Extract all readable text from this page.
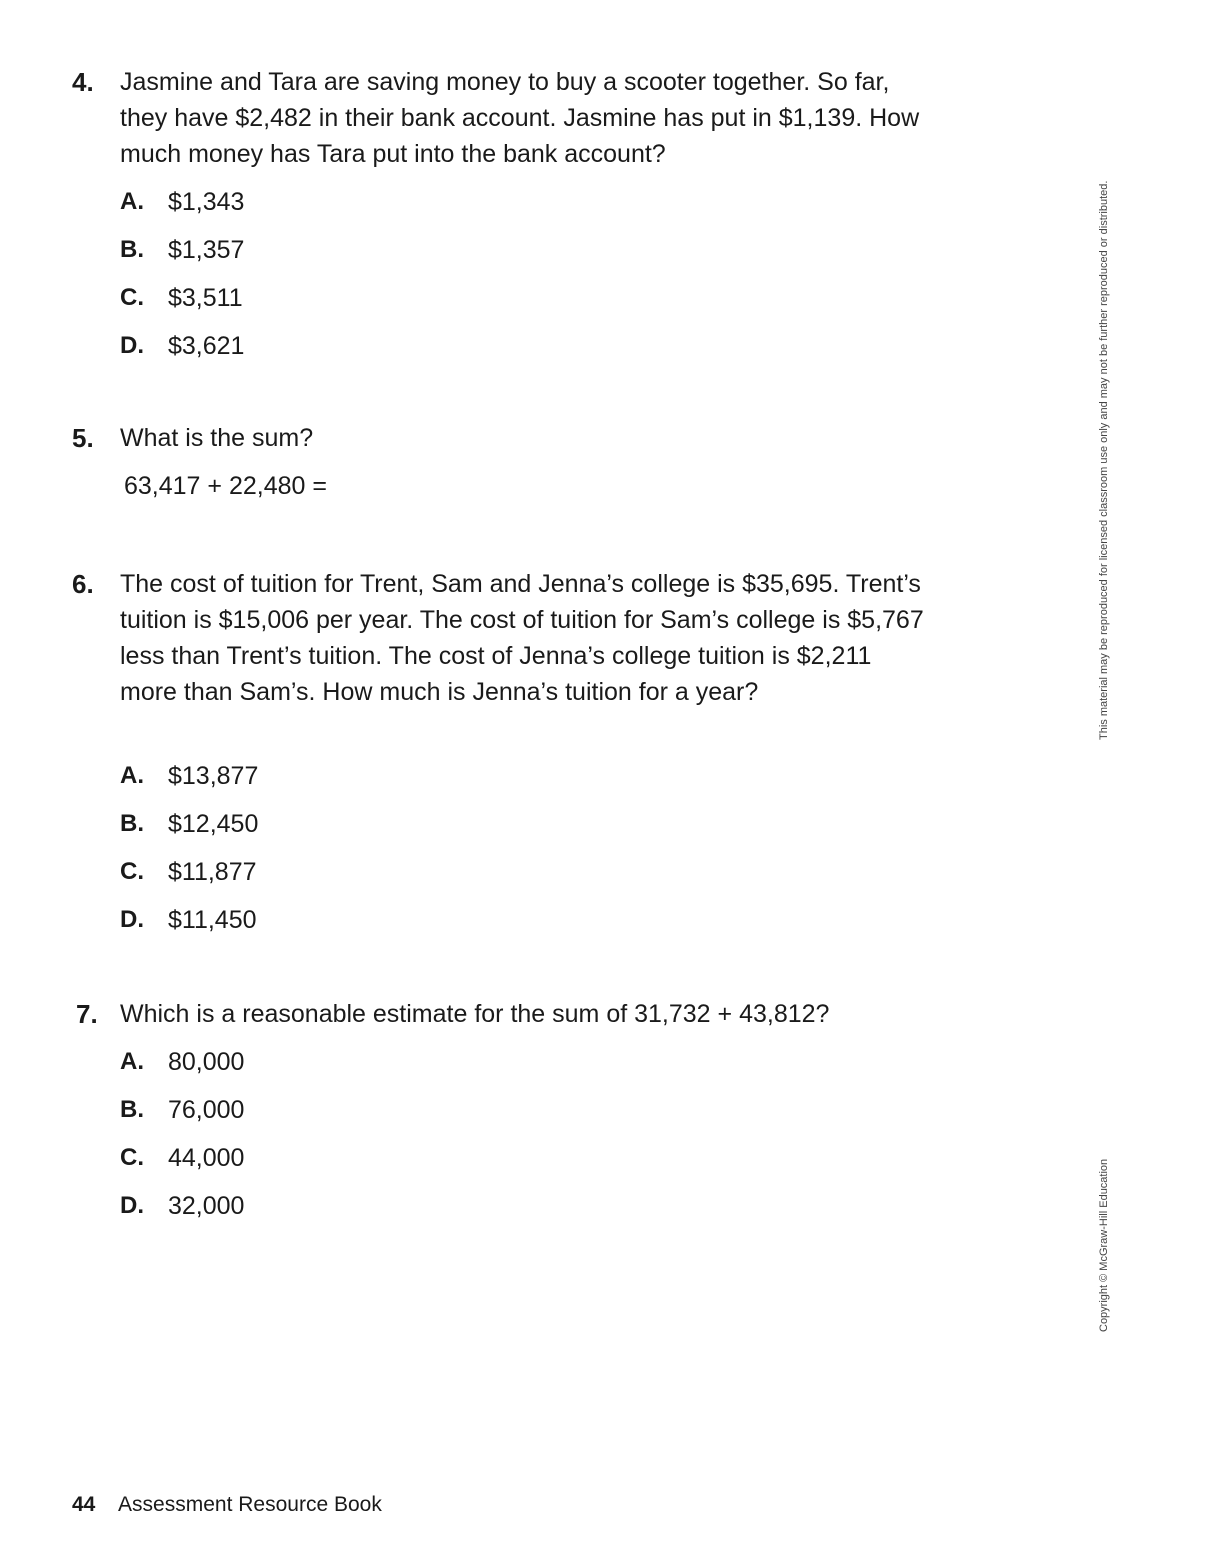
4. Jasmine and Tara are saving money to buy a scooter together. So far, they have $2,482 in their bank account. Jasmine has put in $1,139. How much money has Tara put into the bank account?
A. $1,343
B. $1,357
C. $3,511
D. $3,621
5. What is the sum?
63,417 + 22,480 =
6. The cost of tuition for Trent, Sam and Jenna’s college is $35,695. Trent’s tuition is $15,006 per year. The cost of tuition for Sam’s college is $5,767 less than Trent’s tuition. The cost of Jenna’s college tuition is $2,211 more than Sam’s. How much is Jenna’s tuition for a year?
A. $13,877
B. $12,450
C. $11,877
D. $11,450
7. Which is a reasonable estimate for the sum of 31,732 + 43,812?
A. 80,000
B. 76,000
C. 44,000
D. 32,000
This material may be reproduced for licensed classroom use only and may not be further reproduced or distributed.
Copyright © McGraw-Hill Education
44 Assessment Resource Book
